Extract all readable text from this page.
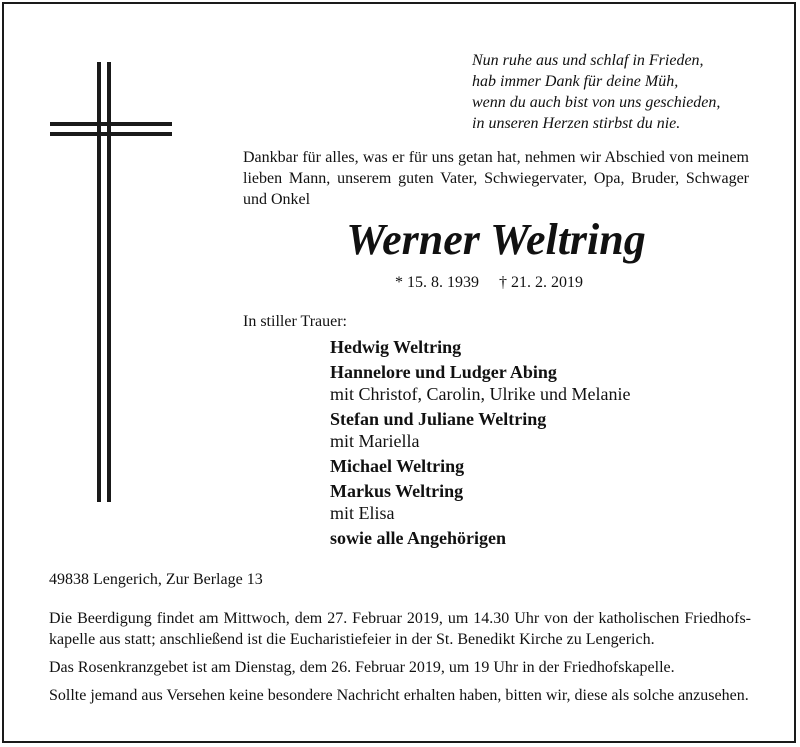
Nun ruhe aus und schlaf in Frieden,
hab immer Dank für deine Müh,
wenn du auch bist von uns geschieden,
in unseren Herzen stirbst du nie.
Dankbar für alles, was er für uns getan hat, nehmen wir Abschied von meinem lieben Mann, unserem guten Vater, Schwiegervater, Opa, Bruder, Schwager und Onkel
Werner Weltring
* 15. 8. 1939 † 21. 2. 2019
In stiller Trauer:
Hedwig Weltring
Hannelore und Ludger Abing
mit Christof, Carolin, Ulrike und Melanie
Stefan und Juliane Weltring
mit Mariella
Michael Weltring
Markus Weltring
mit Elisa
sowie alle Angehörigen
49838 Lengerich, Zur Berlage 13

Die Beerdigung findet am Mittwoch, dem 27. Februar 2019, um 14.30 Uhr von der katholischen Friedhofskapelle aus statt; anschließend ist die Eucharistiefeier in der St. Benedikt Kirche zu Lengerich.

Das Rosenkranzgebet ist am Dienstag, dem 26. Februar 2019, um 19 Uhr in der Friedhofskapelle.

Sollte jemand aus Versehen keine besondere Nachricht erhalten haben, bitten wir, diese als solche anzusehen.
